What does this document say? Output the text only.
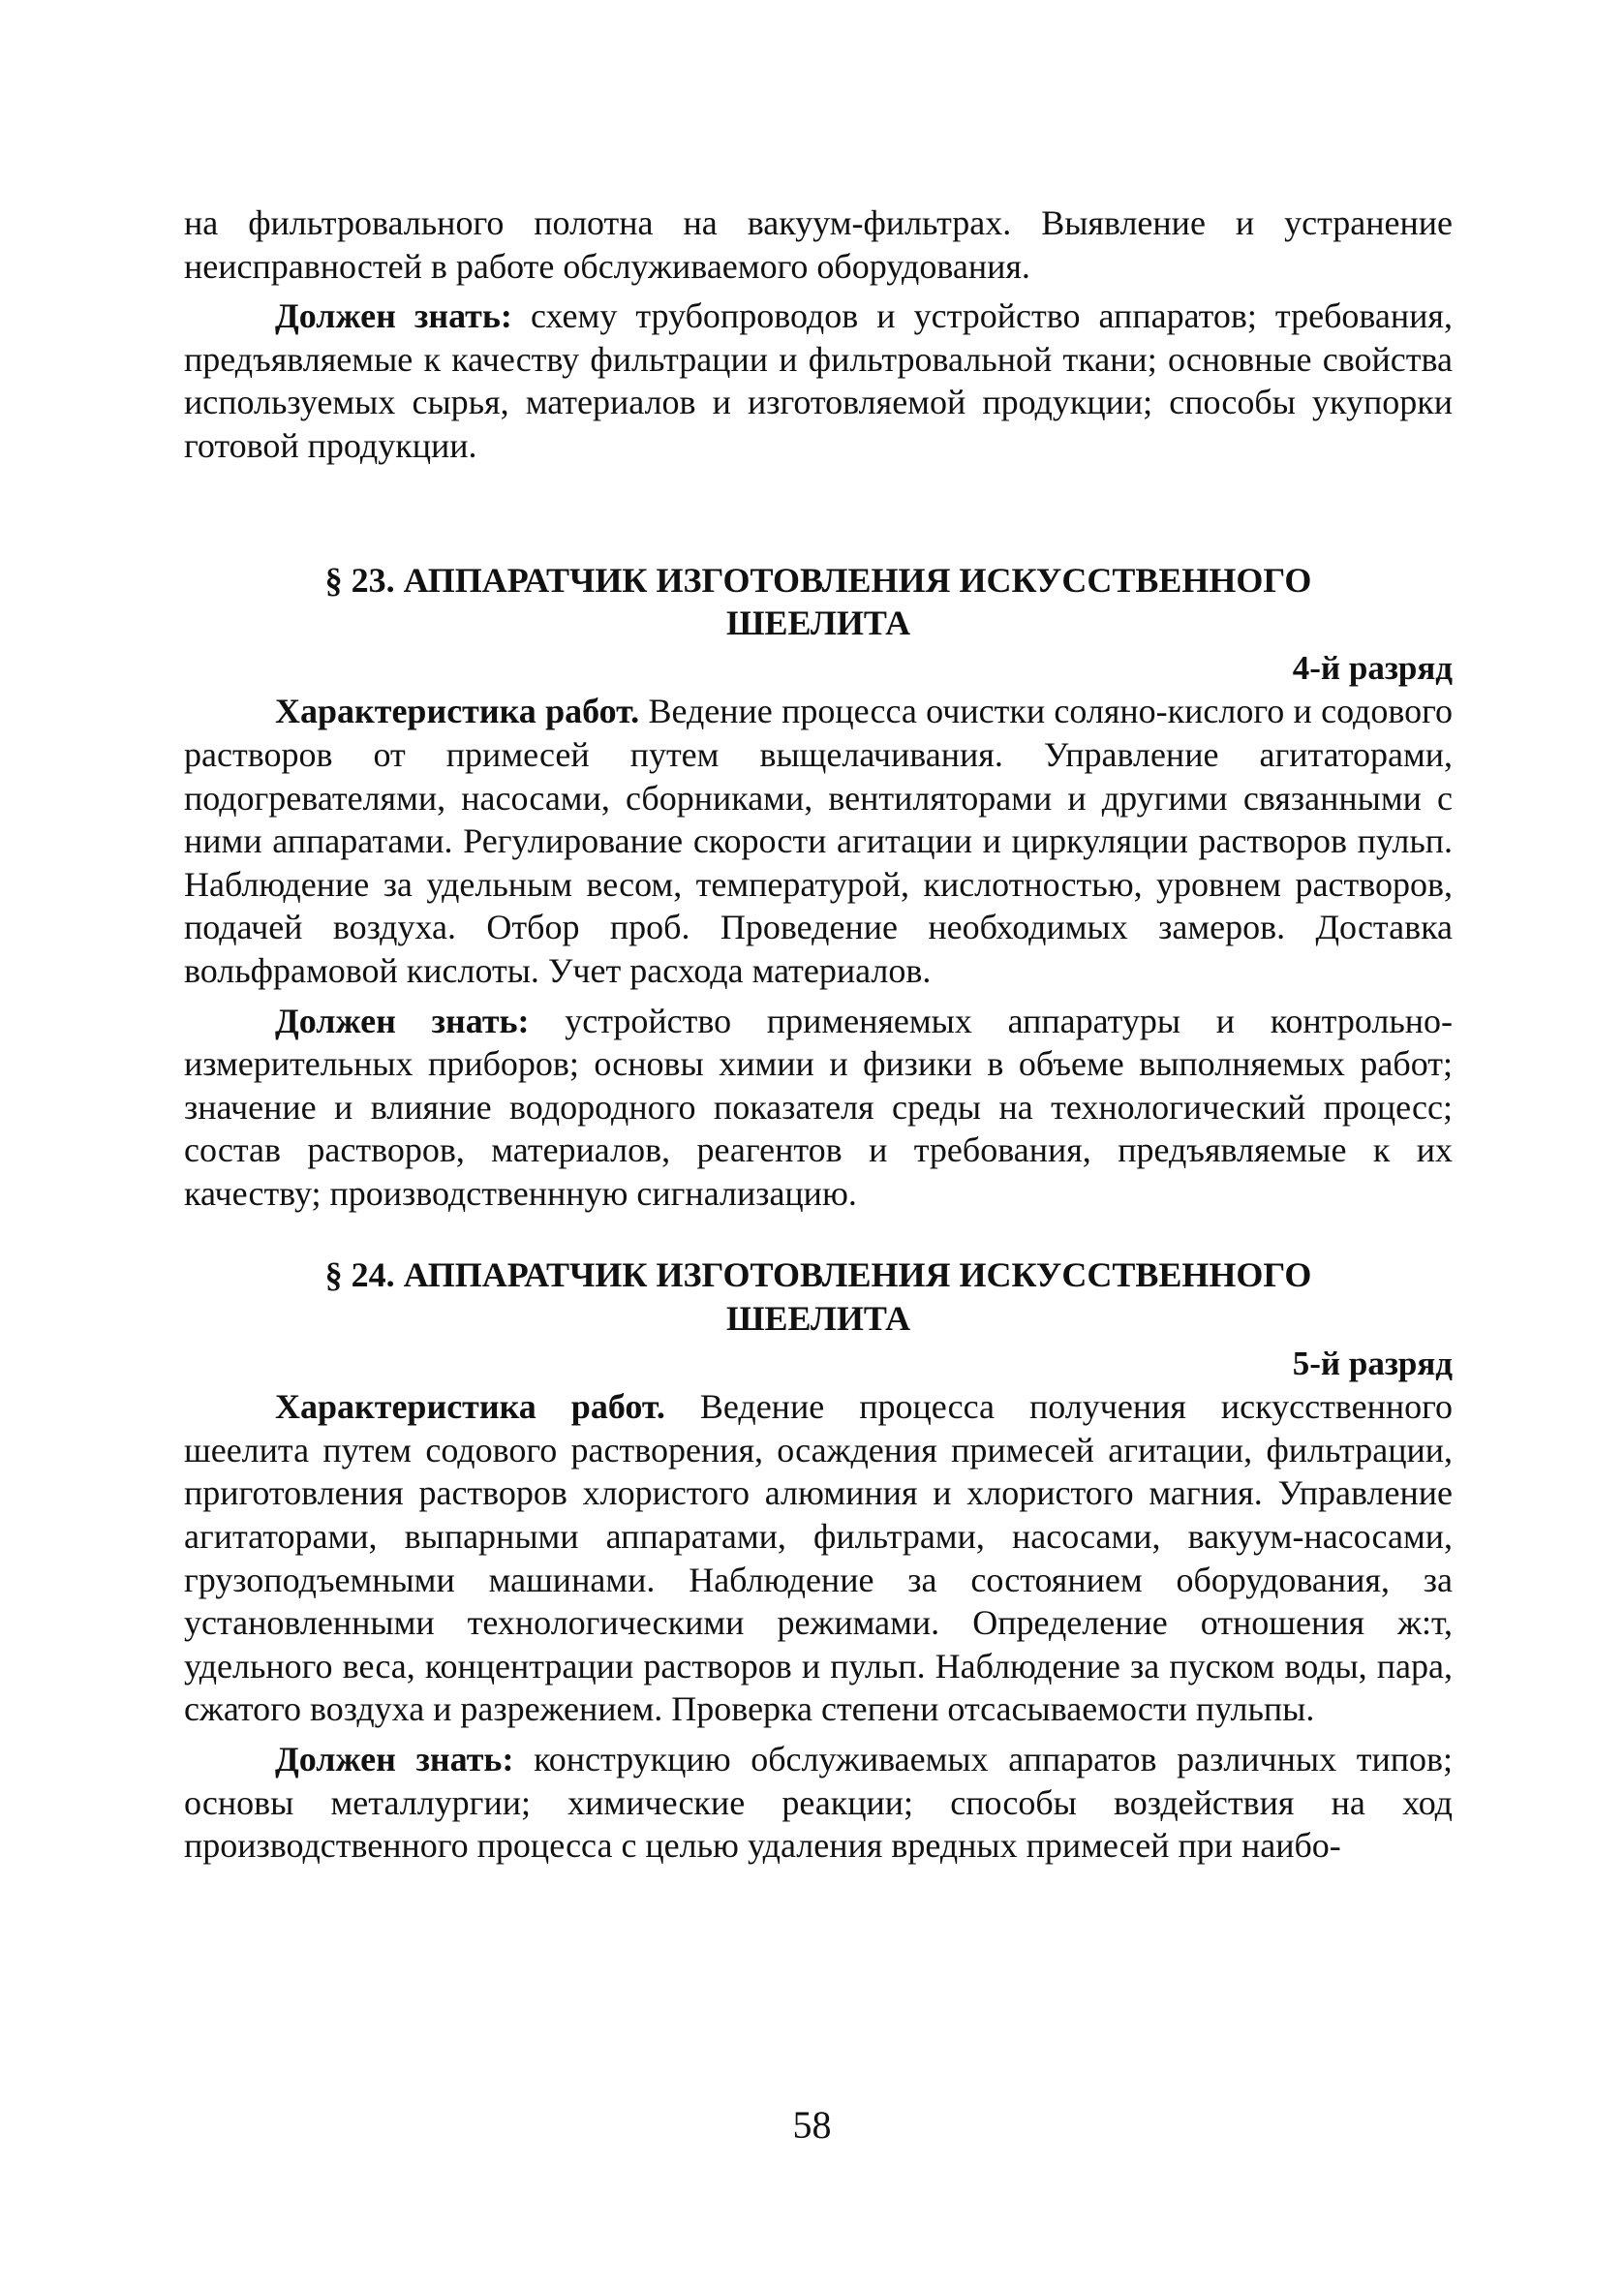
на фильтровального полотна на вакуум-фильтрах. Выявление и устранение неисправностей в работе обслуживаемого оборудования.

Должен знать: схему трубопроводов и устройство аппаратов; требования, предъявляемые к качеству фильтрации и фильтровальной ткани; основные свойства используемых сырья, материалов и изготовляемой продукции; способы укупорки готовой продукции.

§ 23. АППАРАТЧИК ИЗГОТОВЛЕНИЯ ИСКУССТВЕННОГО
ШЕЕЛИТА

4-й разряд

Характеристика работ. Ведение процесса очистки соляно-кислого и содового растворов от примесей путем выщелачивания. Управление агитаторами, подогревателями, насосами, сборниками, вентиляторами и другими связанными с ними аппаратами. Регулирование скорости агитации и циркуляции растворов пульп. Наблюдение за удельным весом, температурой, кислотностью, уровнем растворов, подачей воздуха. Отбор проб. Проведение необходимых замеров. Доставка вольфрамовой кислоты. Учет расхода материалов.

Должен знать: устройство применяемых аппаратуры и контрольно-измерительных приборов; основы химии и физики в объеме выполняемых работ; значение и влияние водородного показателя среды на технологический процесс; состав растворов, материалов, реагентов и требования, предъявляемые к их качеству; производственнную сигнализацию.

§ 24. АППАРАТЧИК ИЗГОТОВЛЕНИЯ ИСКУССТВЕННОГО
ШЕЕЛИТА

5-й разряд

Характеристика работ. Ведение процесса получения искусственного шеелита путем содового растворения, осаждения примесей агитации, фильтрации, приготовления растворов хлористого алюминия и хлористого магния. Управление агитаторами, выпарными аппаратами, фильтрами, насосами, вакуум-насосами, грузоподъемными машинами. Наблюдение за состоянием оборудования, за установленными технологическими режимами. Определение отношения ж:т, удельного веса, концентрации растворов и пульп. Наблюдение за пуском воды, пара, сжатого воздуха и разрежением. Проверка степени отсасываемости пульпы.

Должен знать: конструкцию обслуживаемых аппаратов различных типов; основы металлургии; химические реакции; способы воздействия на ход производственного процесса с целью удаления вредных примесей при наибо-

58
